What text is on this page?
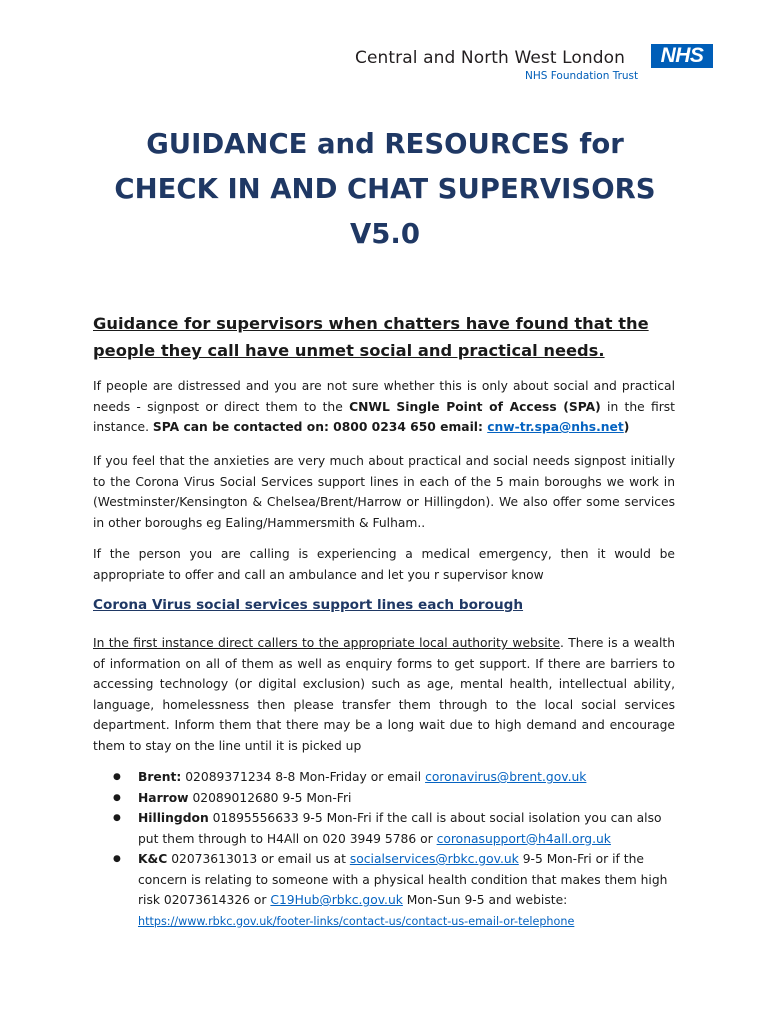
Central and North West London
NHS Foundation Trust
NHS
GUIDANCE and RESOURCES for
CHECK IN AND CHAT SUPERVISORS
V5.0
Guidance for supervisors when chatters have found that the people they call have unmet social and practical needs.
If people are distressed and you are not sure whether this is only about social and practical needs - signpost or direct them to the CNWL Single Point of Access (SPA) in the first instance. SPA can be contacted on: 0800 0234 650 email: cnw-tr.spa@nhs.net)
If you feel that the anxieties are very much about practical and social needs signpost initially to the Corona Virus Social Services support lines in each of the 5 main boroughs we work in (Westminster/Kensington & Chelsea/Brent/Harrow or Hillingdon). We also offer some services in other boroughs eg Ealing/Hammersmith & Fulham..
If the person you are calling is experiencing a medical emergency, then it would be appropriate to offer and call an ambulance and let you r supervisor know
Corona Virus social services support lines each borough
In the first instance direct callers to the appropriate local authority website. There is a wealth of information on all of them as well as enquiry forms to get support. If there are barriers to accessing technology (or digital exclusion) such as age, mental health, intellectual ability, language, homelessness then please transfer them through to the local social services department. Inform them that there may be a long wait due to high demand and encourage them to stay on the line until it is picked up
● Brent: 02089371234 8-8 Mon-Friday or email coronavirus@brent.gov.uk
● Harrow 02089012680 9-5 Mon-Fri
● Hillingdon 01895556633 9-5 Mon-Fri if the call is about social isolation you can also put them through to H4All on 020 3949 5786 or coronasupport@h4all.org.uk
● K&C 02073613013 or email us at socialservices@rbkc.gov.uk 9-5 Mon-Fri or if the concern is relating to someone with a physical health condition that makes them high risk 02073614326 or C19Hub@rbkc.gov.uk Mon-Sun 9-5 and webiste:
https://www.rbkc.gov.uk/footer-links/contact-us/contact-us-email-or-telephone
